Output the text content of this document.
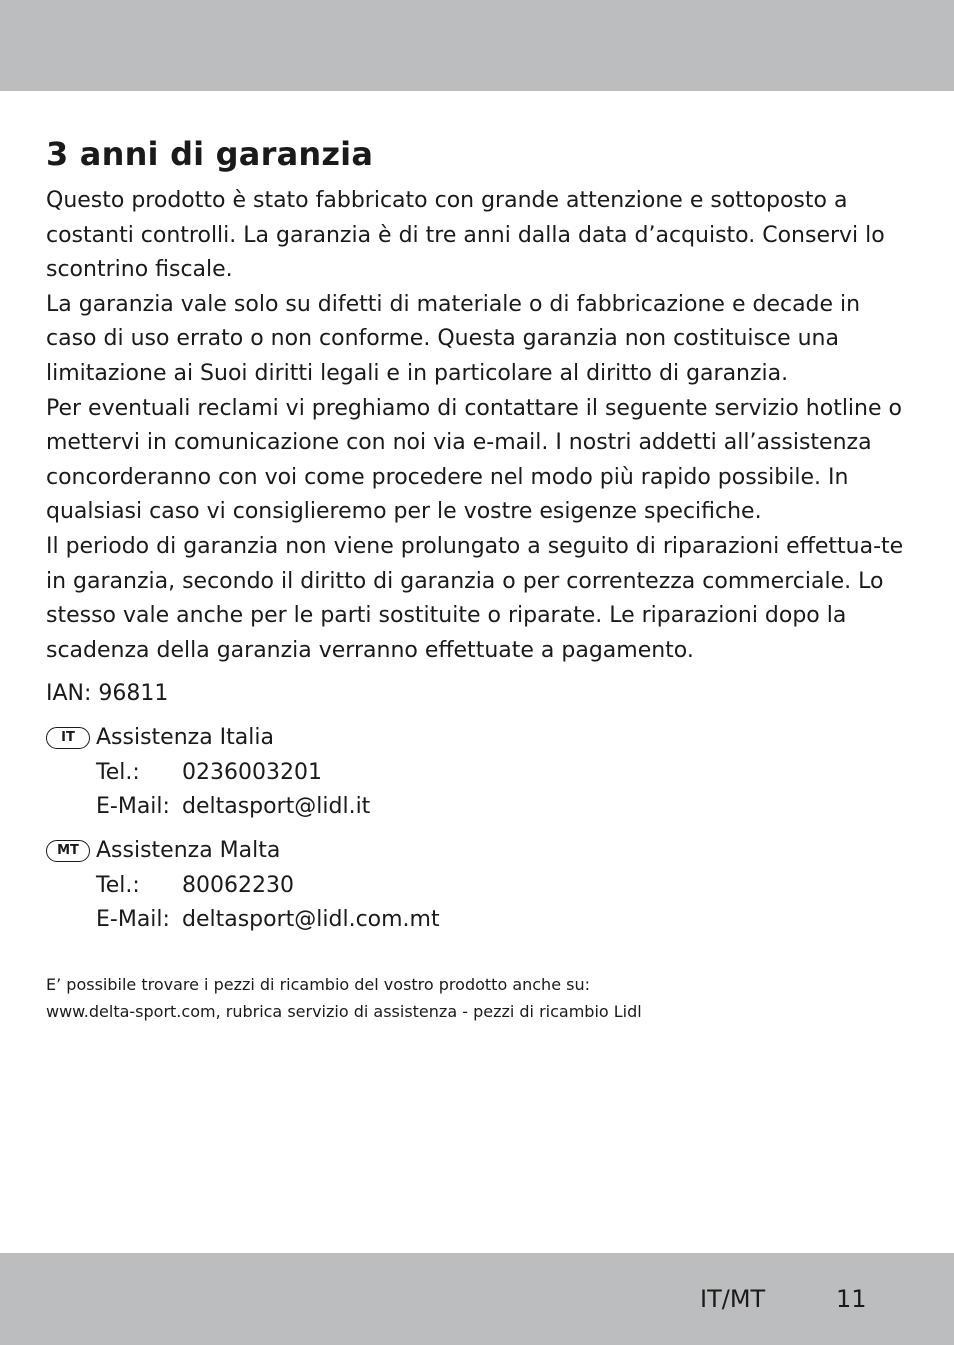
3 anni di garanzia

Questo prodotto è stato fabbricato con grande attenzione e sottoposto a costanti controlli. La garanzia è di tre anni dalla data d’acquisto. Conservi lo scontrino fiscale.

La garanzia vale solo su difetti di materiale o di fabbricazione e decade in caso di uso errato o non conforme. Questa garanzia non costituisce una limitazione ai Suoi diritti legali e in particolare al diritto di garanzia.

Per eventuali reclami vi preghiamo di contattare il seguente servizio hotline o mettervi in comunicazione con noi via e-mail. I nostri addetti all’assistenza concorderanno con voi come procedere nel modo più rapido possibile. In qualsiasi caso vi consiglieremo per le vostre esigenze specifiche.

Il periodo di garanzia non viene prolungato a seguito di riparazioni effettua-te in garanzia, secondo il diritto di garanzia o per correntezza commerciale. Lo stesso vale anche per le parti sostituite o riparate. Le riparazioni dopo la scadenza della garanzia verranno effettuate a pagamento.

IAN: 96811
IT Assistenza Italia
Tel.: 0236003201
E-Mail: deltasport@lidl.it
MT Assistenza Malta
Tel.: 80062230
E-Mail: deltasport@lidl.com.mt

E’ possibile trovare i pezzi di ricambio del vostro prodotto anche su:

www.delta-sport.com, rubrica servizio di assistenza - pezzi di ricambio Lidl

IT/MT	11
